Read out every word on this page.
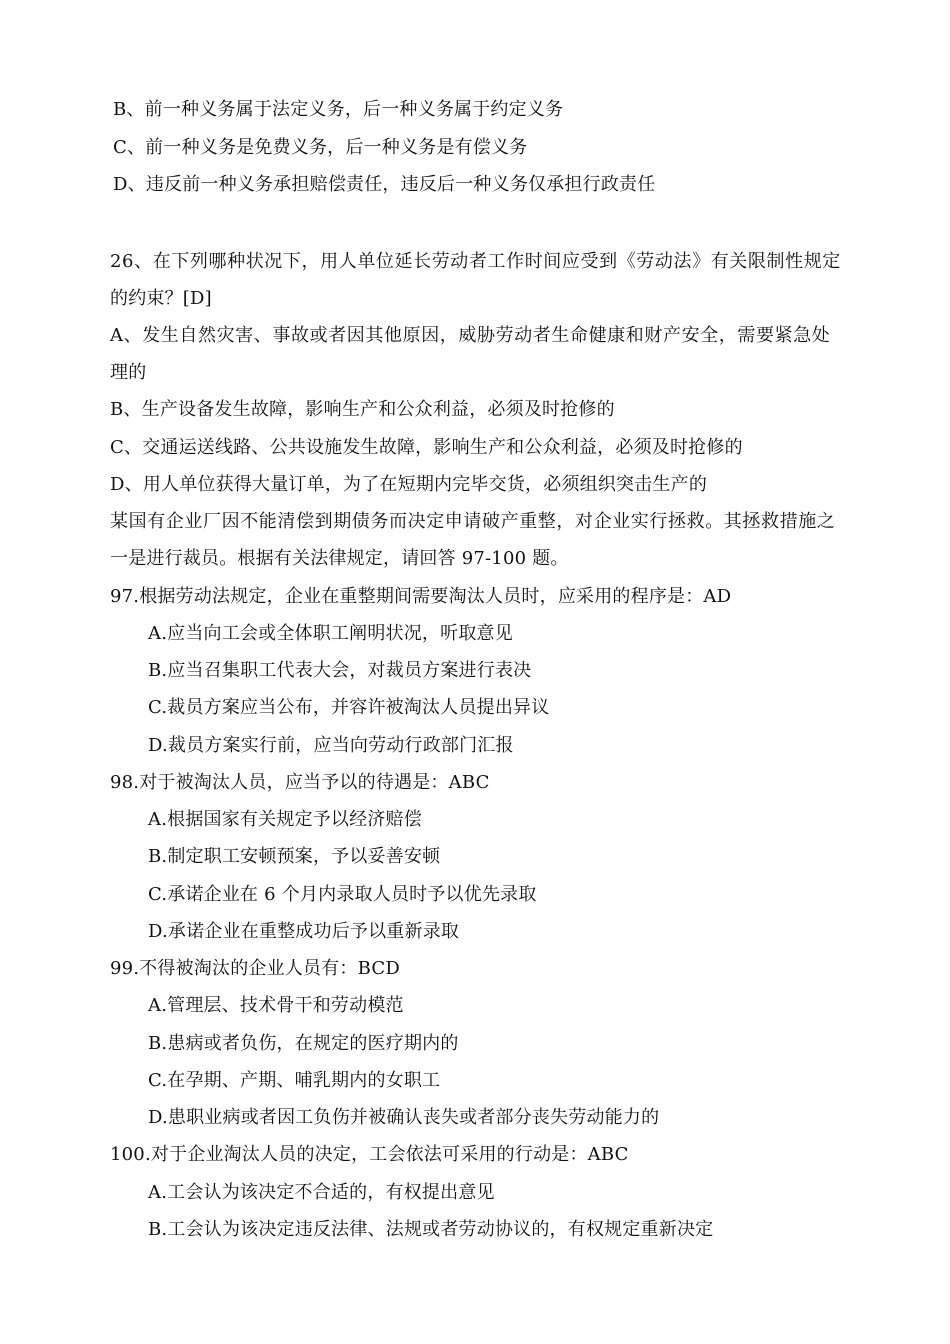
B、前一种义务属于法定义务，后一种义务属于约定义务
C、前一种义务是免费义务，后一种义务是有偿义务
D、违反前一种义务承担赔偿责任，违反后一种义务仅承担行政责任
26、在下列哪种状况下，用人单位延长劳动者工作时间应受到《劳动法》有关限制性规定
的约束？[D]
A、发生自然灾害、事故或者因其他原因，威胁劳动者生命健康和财产安全，需要紧急处
理的
B、生产设备发生故障，影响生产和公众利益，必须及时抢修的
C、交通运送线路、公共设施发生故障，影响生产和公众利益，必须及时抢修的
D、用人单位获得大量订单，为了在短期内完毕交货，必须组织突击生产的
某国有企业厂因不能清偿到期债务而决定申请破产重整，对企业实行拯救。其拯救措施之
一是进行裁员。根据有关法律规定，请回答 97-100 题。
97.根据劳动法规定，企业在重整期间需要淘汰人员时，应采用的程序是：AD
A.应当向工会或全体职工阐明状况，听取意见
B.应当召集职工代表大会，对裁员方案进行表决
C.裁员方案应当公布，并容许被淘汰人员提出异议
D.裁员方案实行前，应当向劳动行政部门汇报
98.对于被淘汰人员，应当予以的待遇是：ABC
A.根据国家有关规定予以经济赔偿
B.制定职工安顿预案，予以妥善安顿
C.承诺企业在 6 个月内录取人员时予以优先录取
D.承诺企业在重整成功后予以重新录取
99.不得被淘汰的企业人员有：BCD
A.管理层、技术骨干和劳动模范
B.患病或者负伤，在规定的医疗期内的
C.在孕期、产期、哺乳期内的女职工
D.患职业病或者因工负伤并被确认丧失或者部分丧失劳动能力的
100.对于企业淘汰人员的决定，工会依法可采用的行动是：ABC
A.工会认为该决定不合适的，有权提出意见
B.工会认为该决定违反法律、法规或者劳动协议的，有权规定重新决定
